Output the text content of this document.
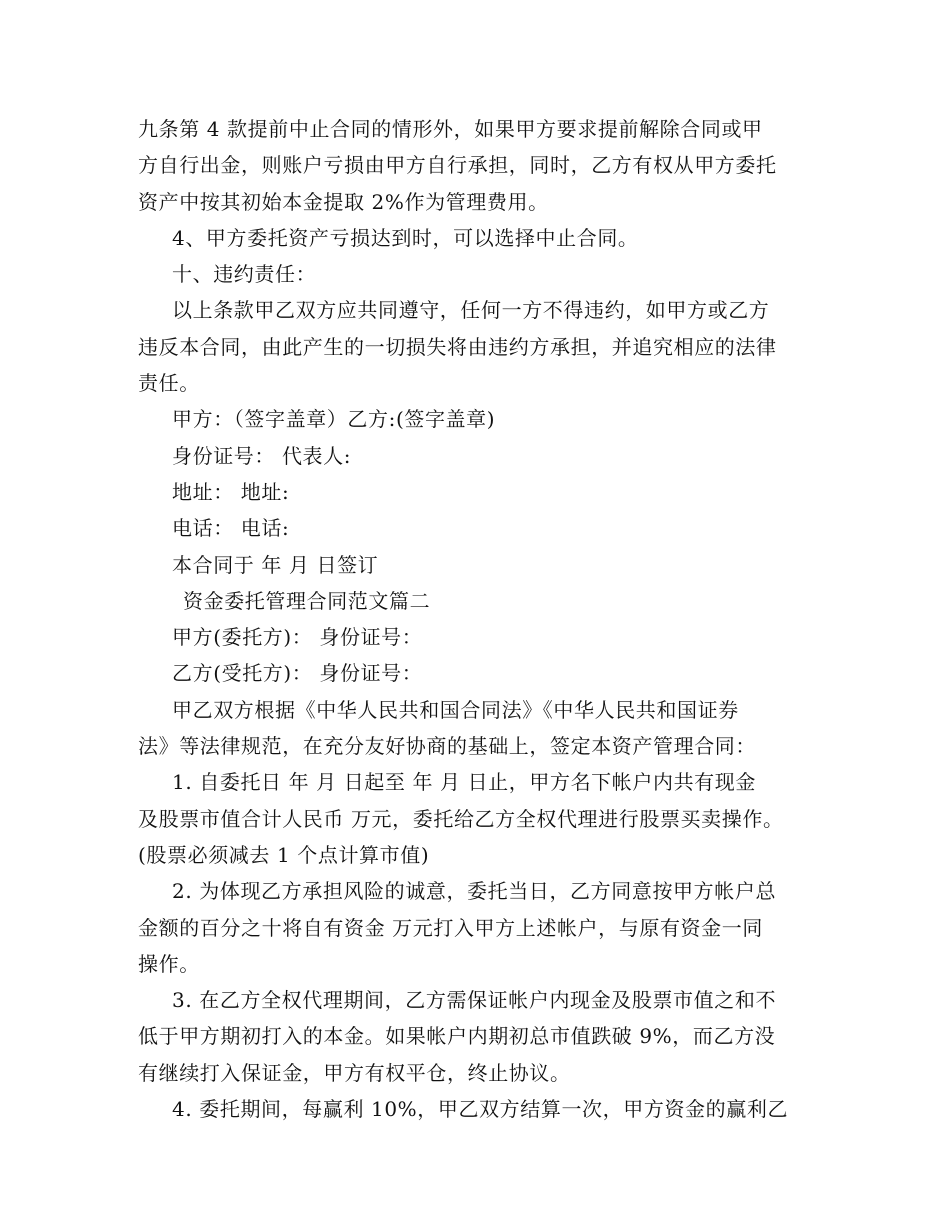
九条第 4 款提前中止合同的情形外，如果甲方要求提前解除合同或甲
方自行出金，则账户亏损由甲方自行承担，同时，乙方有权从甲方委托
资产中按其初始本金提取 2%作为管理费用。
4、甲方委托资产亏损达到时，可以选择中止合同。
十、违约责任：
以上条款甲乙双方应共同遵守，任何一方不得违约，如甲方或乙方
违反本合同，由此产生的一切损失将由违约方承担，并追究相应的法律
责任。
甲方：（签字盖章）乙方:(签字盖章)
身份证号： 代表人:
地址： 地址:
电话： 电话:
本合同于 年 月 日签订
资金委托管理合同范文篇二
甲方(委托方)： 身份证号：
乙方(受托方)： 身份证号：
甲乙双方根据《中华人民共和国合同法》《中华人民共和国证券
法》等法律规范，在充分友好协商的基础上，签定本资产管理合同：
1. 自委托日 年 月 日起至 年 月 日止，甲方名下帐户内共有现金
及股票市值合计人民币 万元，委托给乙方全权代理进行股票买卖操作。
(股票必须减去 1 个点计算市值)
2. 为体现乙方承担风险的诚意，委托当日，乙方同意按甲方帐户总
金额的百分之十将自有资金 万元打入甲方上述帐户，与原有资金一同
操作。
3. 在乙方全权代理期间，乙方需保证帐户内现金及股票市值之和不
低于甲方期初打入的本金。如果帐户内期初总市值跌破 9%，而乙方没
有继续打入保证金，甲方有权平仓，终止协议。
4. 委托期间，每赢利 10%，甲乙双方结算一次，甲方资金的赢利乙
